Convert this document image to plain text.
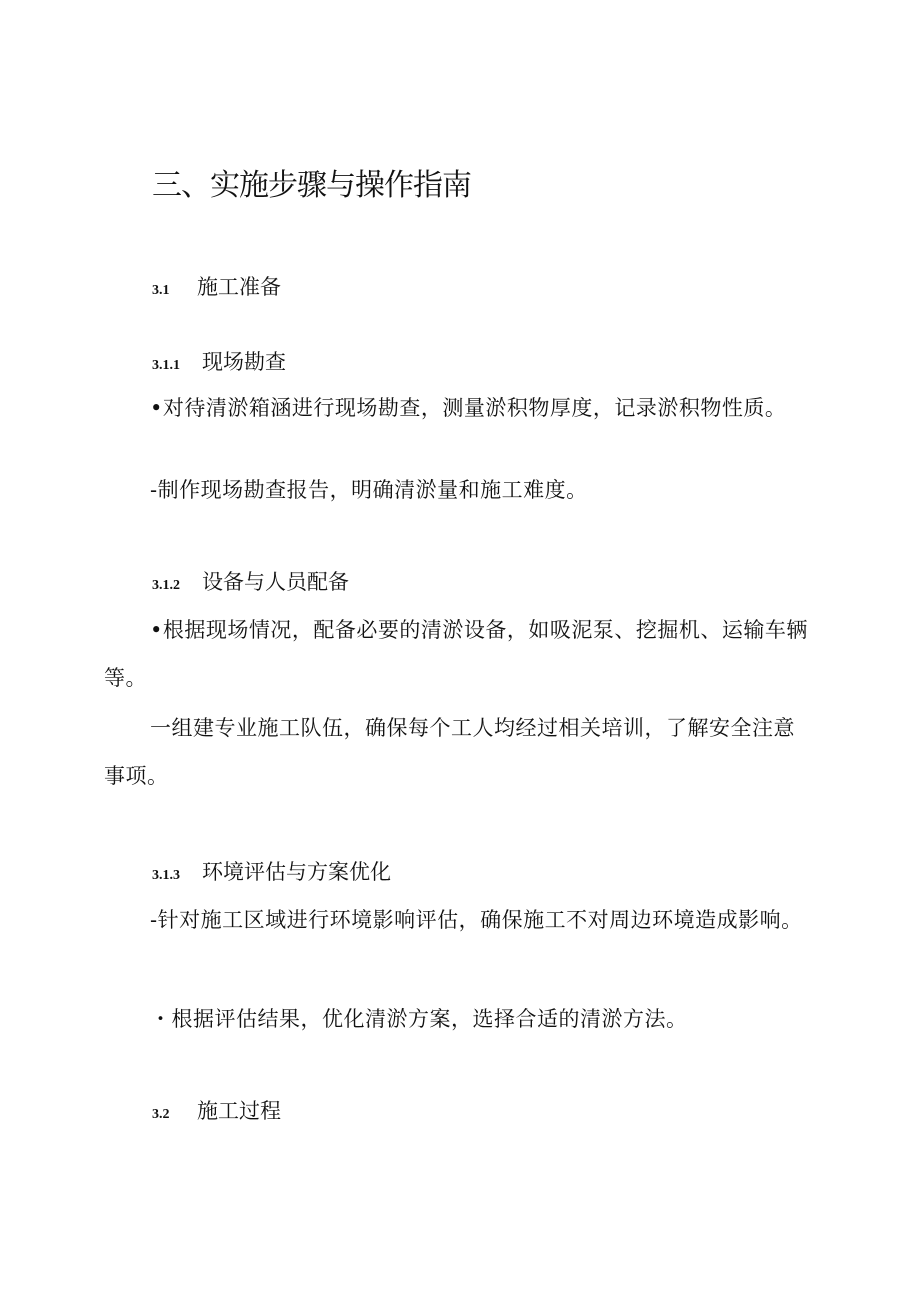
三、实施步骤与操作指南
3.1 施工准备
3.1.1 现场勘查
•对待清淤箱涵进行现场勘查，测量淤积物厚度，记录淤积物性质。
-制作现场勘查报告，明确清淤量和施工难度。
3.1.2 设备与人员配备
•根据现场情况，配备必要的清淤设备，如吸泥泵、挖掘机、运输车辆等。
一组建专业施工队伍，确保每个工人均经过相关培训，了解安全注意事项。
3.1.3 环境评估与方案优化
-针对施工区域进行环境影响评估，确保施工不对周边环境造成影响。
・根据评估结果，优化清淤方案，选择合适的清淤方法。
3.2 施工过程
